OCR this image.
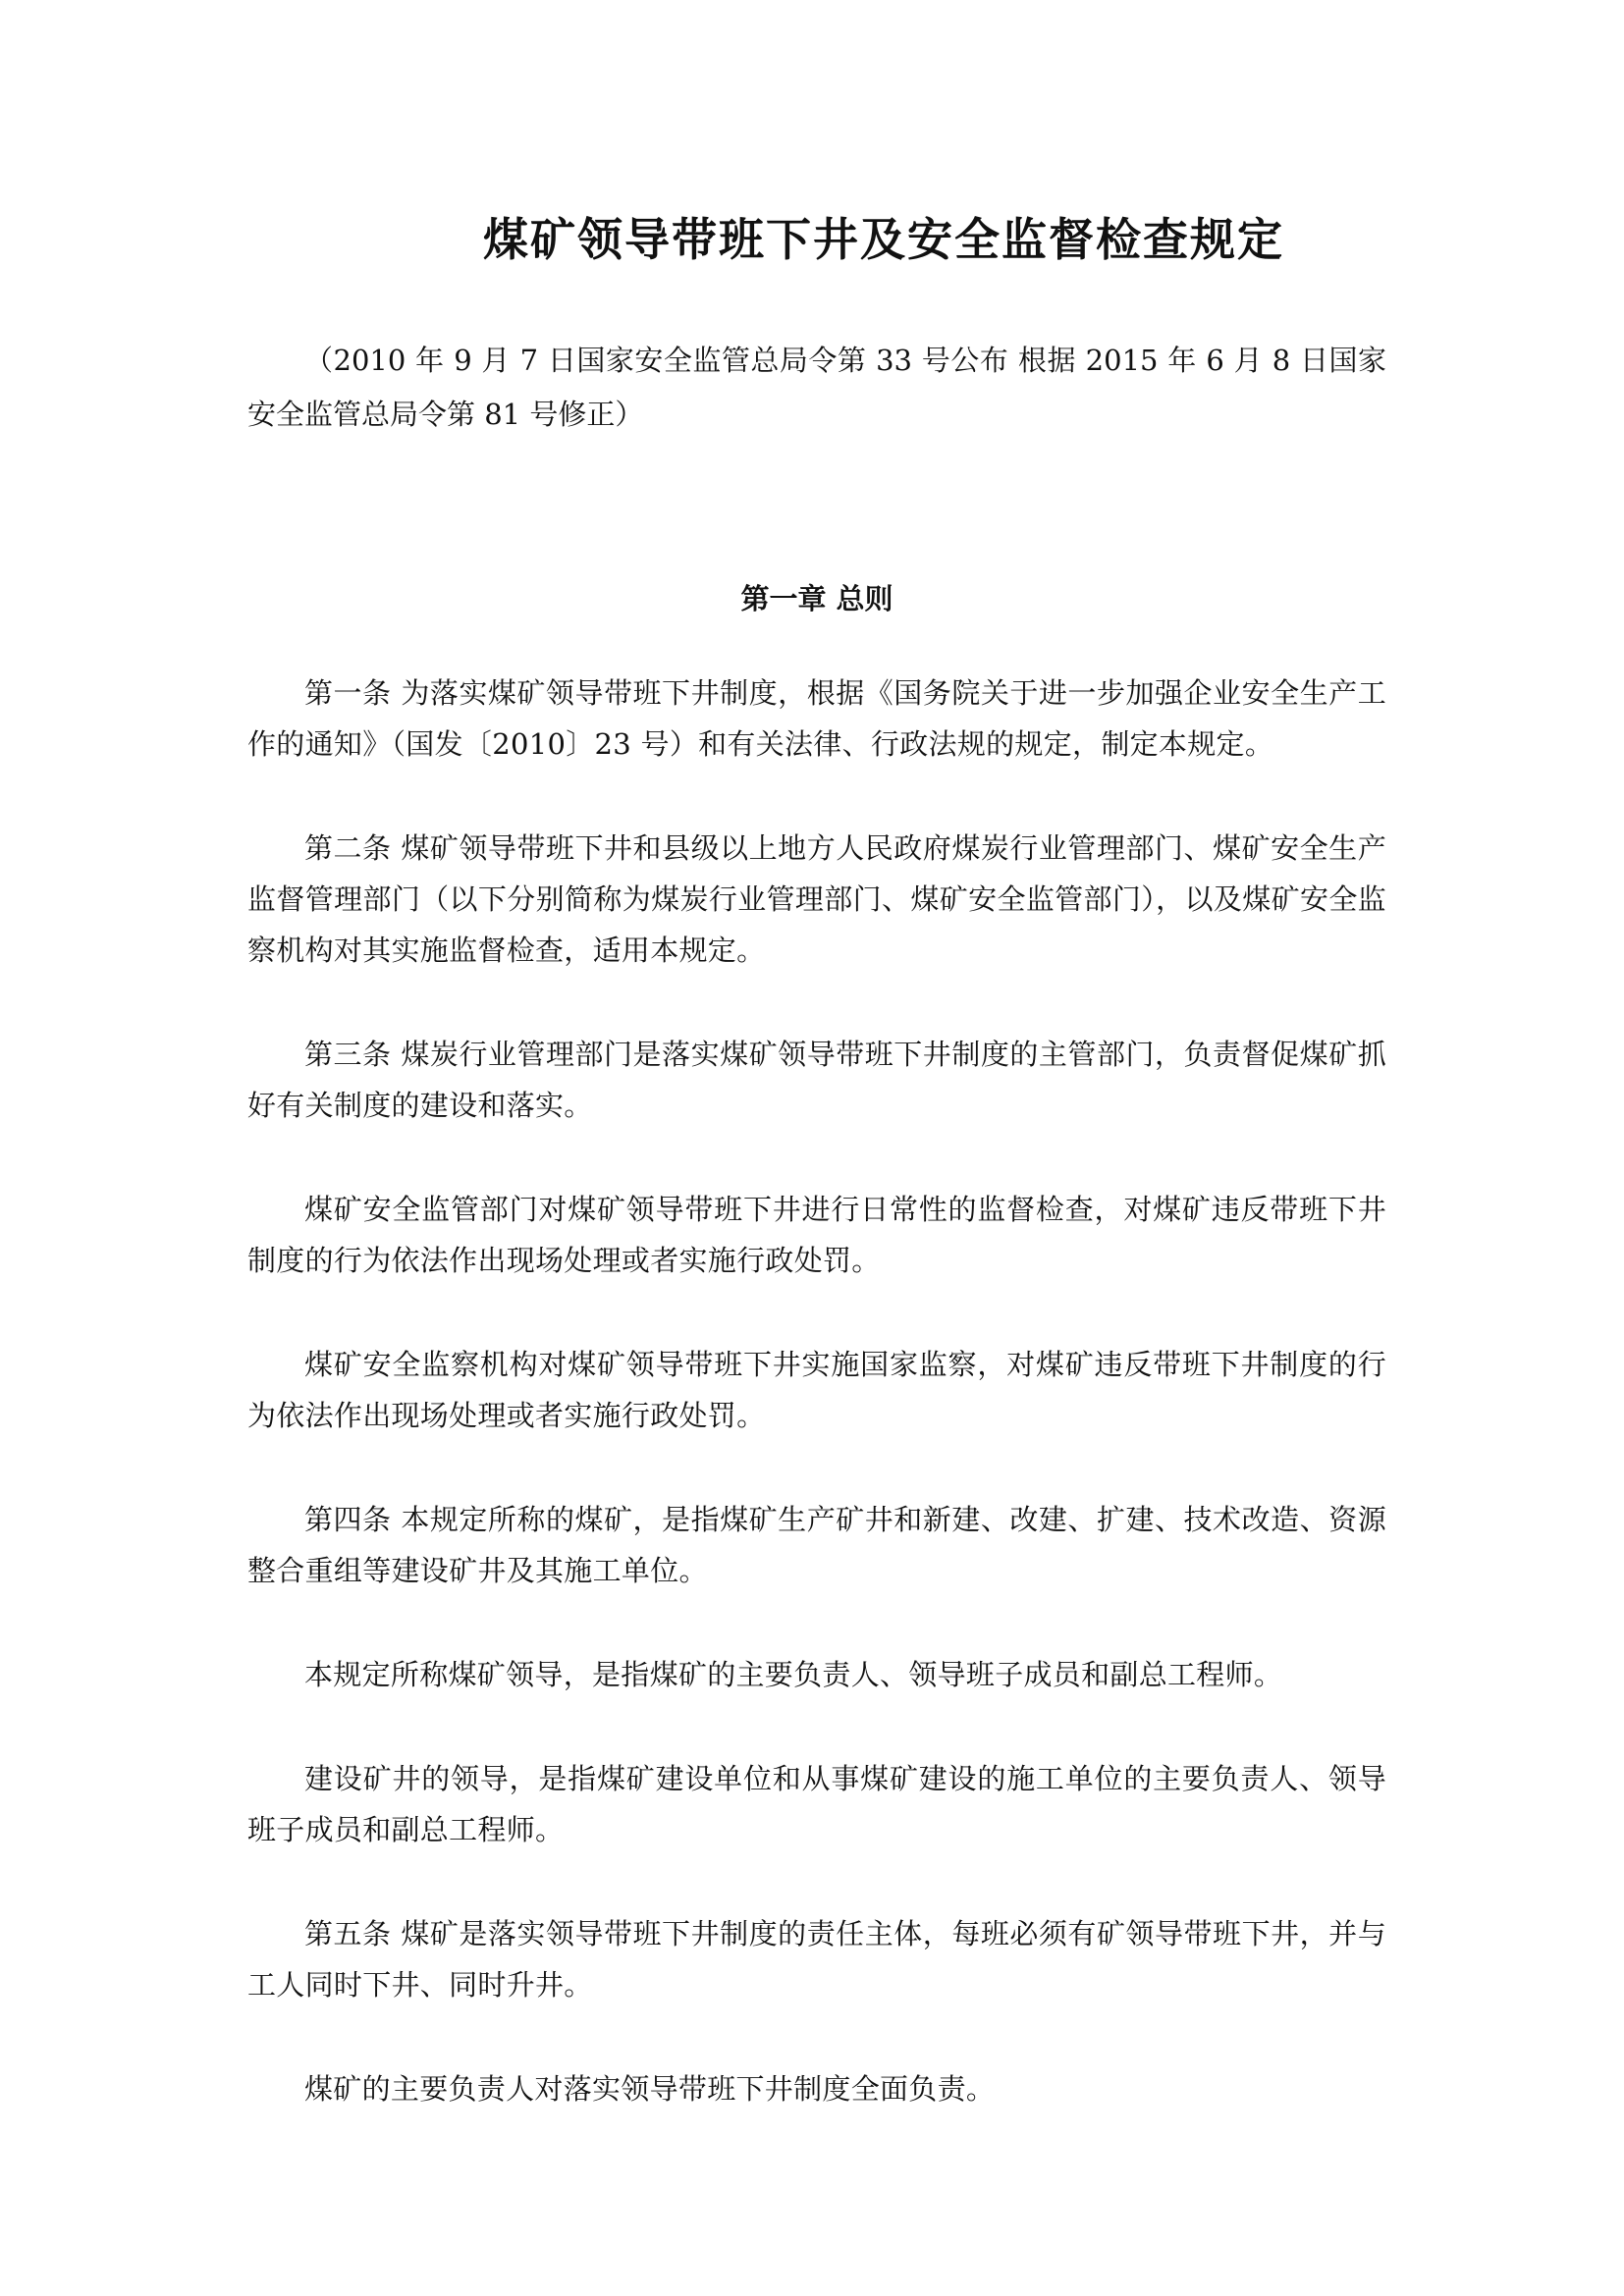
煤矿领导带班下井及安全监督检查规定

（2010 年 9 月 7 日国家安全监管总局令第 33 号公布 根据 2015 年 6 月 8 日国家安全监管总局令第 81 号修正）

第一章 总则

第一条 为落实煤矿领导带班下井制度，根据《国务院关于进一步加强企业安全生产工作的通知》（国发〔2010〕23 号）和有关法律、行政法规的规定，制定本规定。

第二条 煤矿领导带班下井和县级以上地方人民政府煤炭行业管理部门、煤矿安全生产监督管理部门（以下分别简称为煤炭行业管理部门、煤矿安全监管部门），以及煤矿安全监察机构对其实施监督检查，适用本规定。

第三条 煤炭行业管理部门是落实煤矿领导带班下井制度的主管部门，负责督促煤矿抓好有关制度的建设和落实。

煤矿安全监管部门对煤矿领导带班下井进行日常性的监督检查，对煤矿违反带班下井制度的行为依法作出现场处理或者实施行政处罚。

煤矿安全监察机构对煤矿领导带班下井实施国家监察，对煤矿违反带班下井制度的行为依法作出现场处理或者实施行政处罚。

第四条 本规定所称的煤矿，是指煤矿生产矿井和新建、改建、扩建、技术改造、资源整合重组等建设矿井及其施工单位。

本规定所称煤矿领导，是指煤矿的主要负责人、领导班子成员和副总工程师。

建设矿井的领导，是指煤矿建设单位和从事煤矿建设的施工单位的主要负责人、领导班子成员和副总工程师。

第五条 煤矿是落实领导带班下井制度的责任主体，每班必须有矿领导带班下井，并与工人同时下井、同时升井。

煤矿的主要负责人对落实领导带班下井制度全面负责。
